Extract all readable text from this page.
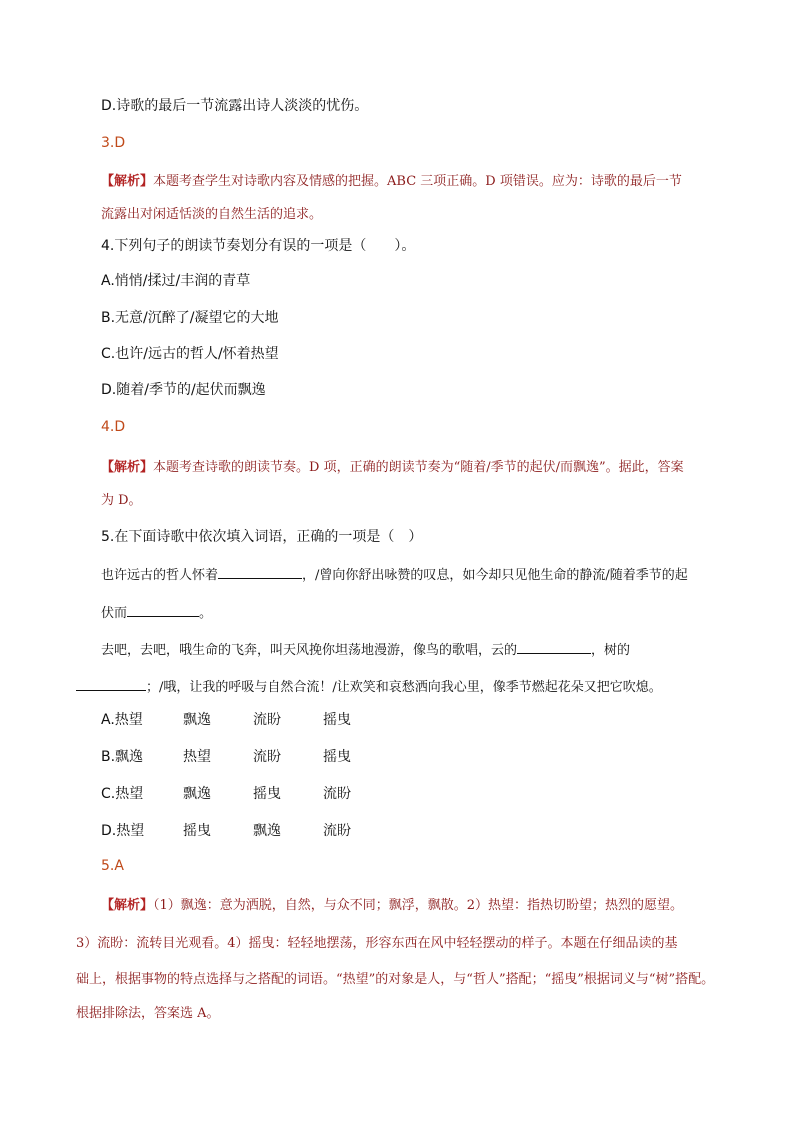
D.诗歌的最后一节流露出诗人淡淡的忧伤。
3.D
【解析】本题考查学生对诗歌内容及情感的把握。ABC 三项正确。D 项错误。应为：诗歌的最后一节
流露出对闲适恬淡的自然生活的追求。
4.下列句子的朗读节奏划分有误的一项是（　　）。
A.悄悄/揉过/丰润的青草
B.无意/沉醉了/凝望它的大地
C.也许/远古的哲人/怀着热望
D.随着/季节的/起伏而飘逸
4.D
【解析】本题考查诗歌的朗读节奏。D 项，正确的朗读节奏为“随着/季节的起伏/而飘逸”。据此，答案
为 D。
5.在下面诗歌中依次填入词语，正确的一项是（　）
也许远古的哲人怀着	，/曾向你舒出咏赞的叹息，如今却只见他生命的静流/随着季节的起
伏而	。
去吧，去吧，哦生命的飞奔，叫天风挽你坦荡地漫游，像鸟的歌唱，云的	，树的
；/哦，让我的呼吸与自然合流！/让欢笑和哀愁洒向我心里，像季节燃起花朵又把它吹熄。
A.热望	飘逸	流盼	摇曳
B.飘逸	热望	流盼	摇曳
C.热望	飘逸	摇曳	流盼
D.热望	摇曳	飘逸	流盼
5.A
【解析】（1）飘逸：意为洒脱，自然，与众不同；飘浮，飘散。2）热望：指热切盼望；热烈的愿望。
3）流盼：流转目光观看。4）摇曳：轻轻地摆荡，形容东西在风中轻轻摆动的样子。本题在仔细品读的基
础上，根据事物的特点选择与之搭配的词语。“热望”的对象是人，与“哲人”搭配；“摇曳”根据词义与“树”搭配。
根据排除法，答案选 A。
